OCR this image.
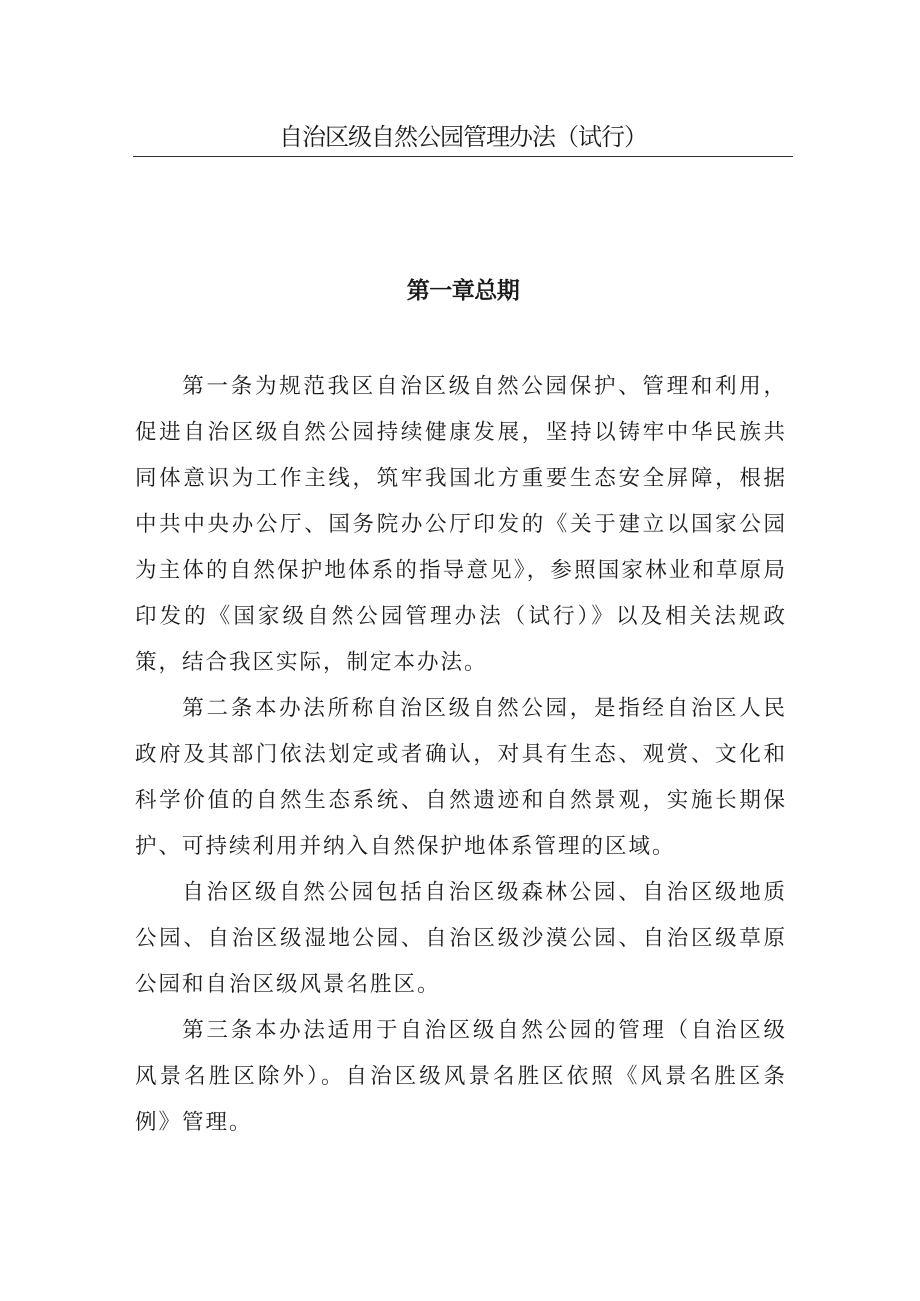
自治区级自然公园管理办法（试行）
第一章总期

第一条为规范我区自治区级自然公园保护、管理和利用，促进自治区级自然公园持续健康发展，坚持以铸牢中华民族共同体意识为工作主线，筑牢我国北方重要生态安全屏障，根据中共中央办公厅、国务院办公厅印发的《关于建立以国家公园为主体的自然保护地体系的指导意见》，参照国家林业和草原局印发的《国家级自然公园管理办法（试行）》以及相关法规政策，结合我区实际，制定本办法。

第二条本办法所称自治区级自然公园，是指经自治区人民政府及其部门依法划定或者确认，对具有生态、观赏、文化和科学价值的自然生态系统、自然遗迹和自然景观，实施长期保护、可持续利用并纳入自然保护地体系管理的区域。

自治区级自然公园包括自治区级森林公园、自治区级地质公园、自治区级湿地公园、自治区级沙漠公园、自治区级草原公园和自治区级风景名胜区。

第三条本办法适用于自治区级自然公园的管理（自治区级风景名胜区除外）。自治区级风景名胜区依照《风景名胜区条例》管理。
